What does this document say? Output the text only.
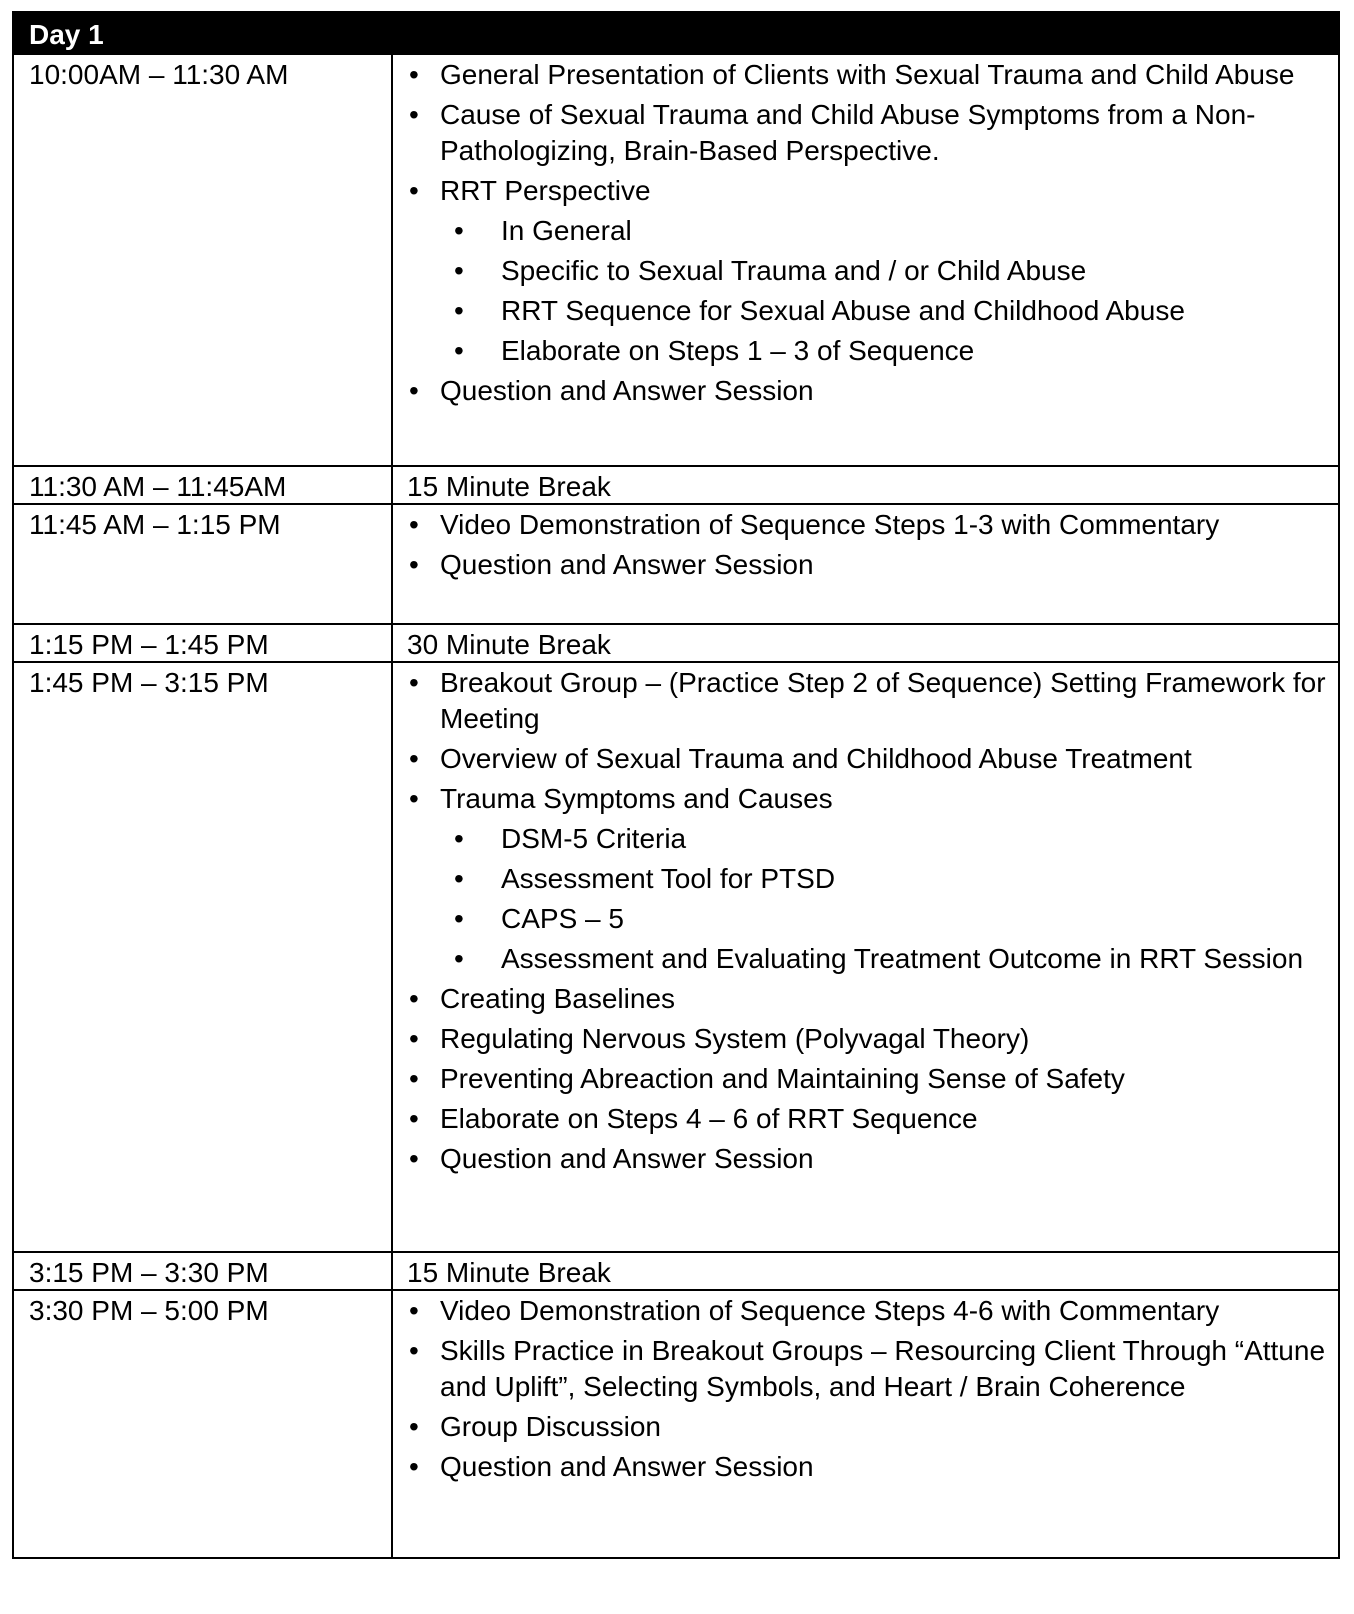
Day 1
10:00AM – 11:30 AM	• General Presentation of Clients with Sexual Trauma and Child Abuse
• Cause of Sexual Trauma and Child Abuse Symptoms from a Non-Pathologizing, Brain-Based Perspective.
• RRT Perspective
• In General
• Specific to Sexual Trauma and / or Child Abuse
• RRT Sequence for Sexual Abuse and Childhood Abuse
• Elaborate on Steps 1 – 3 of Sequence
• Question and Answer Session
11:30 AM – 11:45AM	15 Minute Break
11:45 AM – 1:15 PM	• Video Demonstration of Sequence Steps 1-3 with Commentary
• Question and Answer Session
1:15 PM – 1:45 PM	30 Minute Break
1:45 PM – 3:15 PM	• Breakout Group – (Practice Step 2 of Sequence) Setting Framework for Meeting
• Overview of Sexual Trauma and Childhood Abuse Treatment
• Trauma Symptoms and Causes
• DSM-5 Criteria
• Assessment Tool for PTSD
• CAPS – 5
• Assessment and Evaluating Treatment Outcome in RRT Session
• Creating Baselines
• Regulating Nervous System (Polyvagal Theory)
• Preventing Abreaction and Maintaining Sense of Safety
• Elaborate on Steps 4 – 6 of RRT Sequence
• Question and Answer Session
3:15 PM – 3:30 PM	15 Minute Break
3:30 PM – 5:00 PM	• Video Demonstration of Sequence Steps 4-6 with Commentary
• Skills Practice in Breakout Groups – Resourcing Client Through “Attune and Uplift”, Selecting Symbols, and Heart / Brain Coherence
• Group Discussion
• Question and Answer Session
